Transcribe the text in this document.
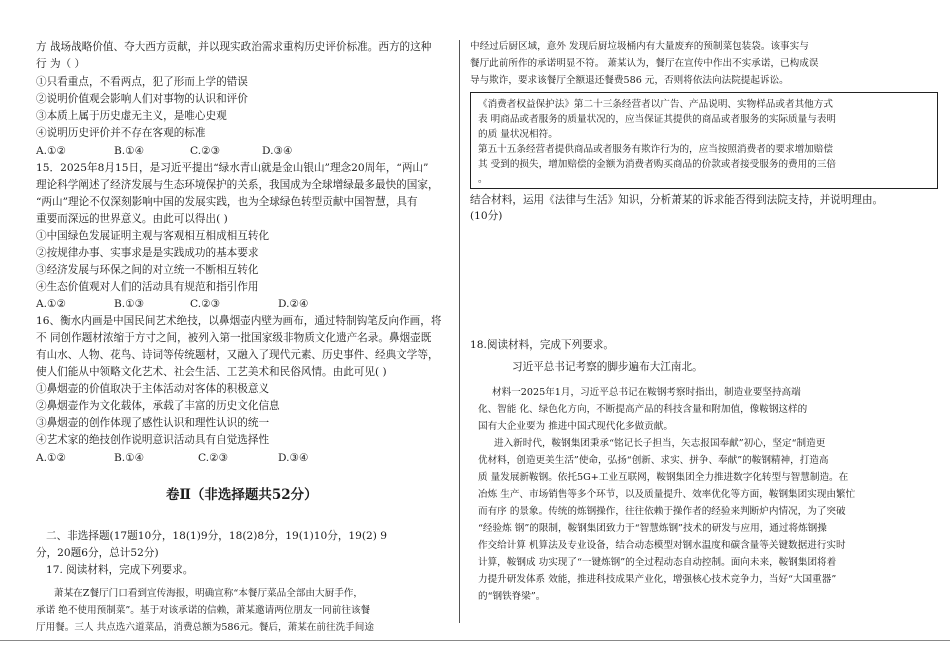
方 战场战略价值、夺大西方贡献，并以现实政治需求重构历史评价标准。西方的这种
行 为（ ）
①只看重点，不看两点，犯了形而上学的错误
②说明价值观会影响人们对事物的认识和评价
③本质上属于历史虚无主义，是唯心史观
④说明历史评价并不存在客观的标准
A.①②	B.①④	C.②③	D.③④
15．2025年8月15日，是习近平提出“绿水青山就是金山银山”理念20周年，“两山”
理论科学阐述了经济发展与生态环境保护的关系，我国成为全球增绿最多最快的国家，
“两山”理论不仅深刻影响中国的发展实践，也为全球绿色转型贡献中国智慧，具有
重要而深远的世界意义。由此可以得出( )
①中国绿色发展证明主观与客观相互相成相互转化
②按规律办事、实事求是是实践成功的基本要求
③经济发展与环保之间的对立统一不断相互转化
④生态价值观对人们的活动具有规范和指引作用
A.①②	B.①③	C.②③	D.②④
16、衡水内画是中国民间艺术绝技，以鼻烟壶内壁为画布，通过特制钩笔反向作画，将
不 同创作题材浓缩于方寸之间，被列入第一批国家级非物质文化遗产名录。鼻烟壶既
有山水、人物、花鸟、诗词等传统题材，又融入了现代元素、历史事件、经典文学等，
使人们能从中领略文化艺术、社会生活、工艺美术和民俗风情。由此可见( )
①鼻烟壶的价值取决于主体活动对客体的积极意义
②鼻烟壶作为文化载体，承载了丰富的历史文化信息
③鼻烟壶的创作体现了感性认识和理性认识的统一
④艺术家的绝技创作说明意识活动具有自觉选择性
A.①②	B.①④	C.②③	D.③④
卷Ⅱ（非选择题共52分）
二、非选择题(17题10分，18(1)9分，18(2)8分，19(1)10分，19(2) 9
分，20题6分，总计52分)
17. 阅读材料，完成下列要求。
萧某在Z餐厅门口看到宣传海报，明确宣称“本餐厅菜品全部由大厨手作，
承诺 绝不使用预制菜”。基于对该承诺的信赖，萧某邀请两位朋友一同前往该餐
厅用餐。三人 共点选六道菜品，消费总额为586元。餐后，萧某在前往洗手间途
中经过后厨区域，意外 发现后厨垃圾桶内有大量废弃的预制菜包装袋。该事实与
餐厅此前所作的承诺明显不符。 萧某认为，餐厅在宣传中作出不实承诺，已构成误
导与欺诈，要求该餐厅全额退还餐费586 元，否则将依法向法院提起诉讼。
《消费者权益保护法》第二十三条经营者以广告、产品说明、实物样品或者其他方式
表 明商品或者服务的质量状况的，应当保证其提供的商品或者服务的实际质量与表明
的质 量状况相符。
第五十五条经营者提供商品或者服务有欺诈行为的，应当按照消费者的要求增加赔偿
其 受到的损失，增加赔偿的金额为消费者购买商品的价款或者接受服务的费用的三倍
。
结合材料，运用《法律与生活》知识，分析萧某的诉求能否得到法院支持，并说明理由。
(10分)
18.阅读材料，完成下列要求。
习近平总书记考察的脚步遍布大江南北。
材料一2025年1月，习近平总书记在鞍钢考察时指出，制造业要坚持高端
化、智能 化、绿色化方向，不断提高产品的科技含量和附加值，像鞍钢这样的
国有大企业要为 推进中国式现代化多做贡献。
进入新时代，鞍钢集团秉承“铭记长子担当，矢志报国奉献”初心，坚定“制造更
优材料，创造更美生活”使命，弘扬“创新、求实、拼争、奉献”的鞍钢精神，打造高
质 量发展新鞍钢。依托5G+工业互联网，鞍钢集团全力推进数字化转型与智慧制造。在
冶炼 生产、市场销售等多个环节，以及质量提升、效率优化等方面，鞍钢集团实现由繁忙
而有序 的景象。传统的炼钢操作，往往依赖于操作者的经验来判断炉内情况，为了突破
“经验炼 钢”的限制，鞍钢集团致力于“智慧炼钢”技术的研发与应用，通过将炼钢操
作交给计算 机算法及专业设备，结合动态模型对钢水温度和碳含量等关键数据进行实时
计算，鞍钢成 功实现了“一键炼钢”的全过程动态自动控制。面向未来，鞍钢集团将着
力提升研发体系 效能，推进科技成果产业化，增强核心技术竞争力，当好“大国重器”
的“钢铁脊梁”。
